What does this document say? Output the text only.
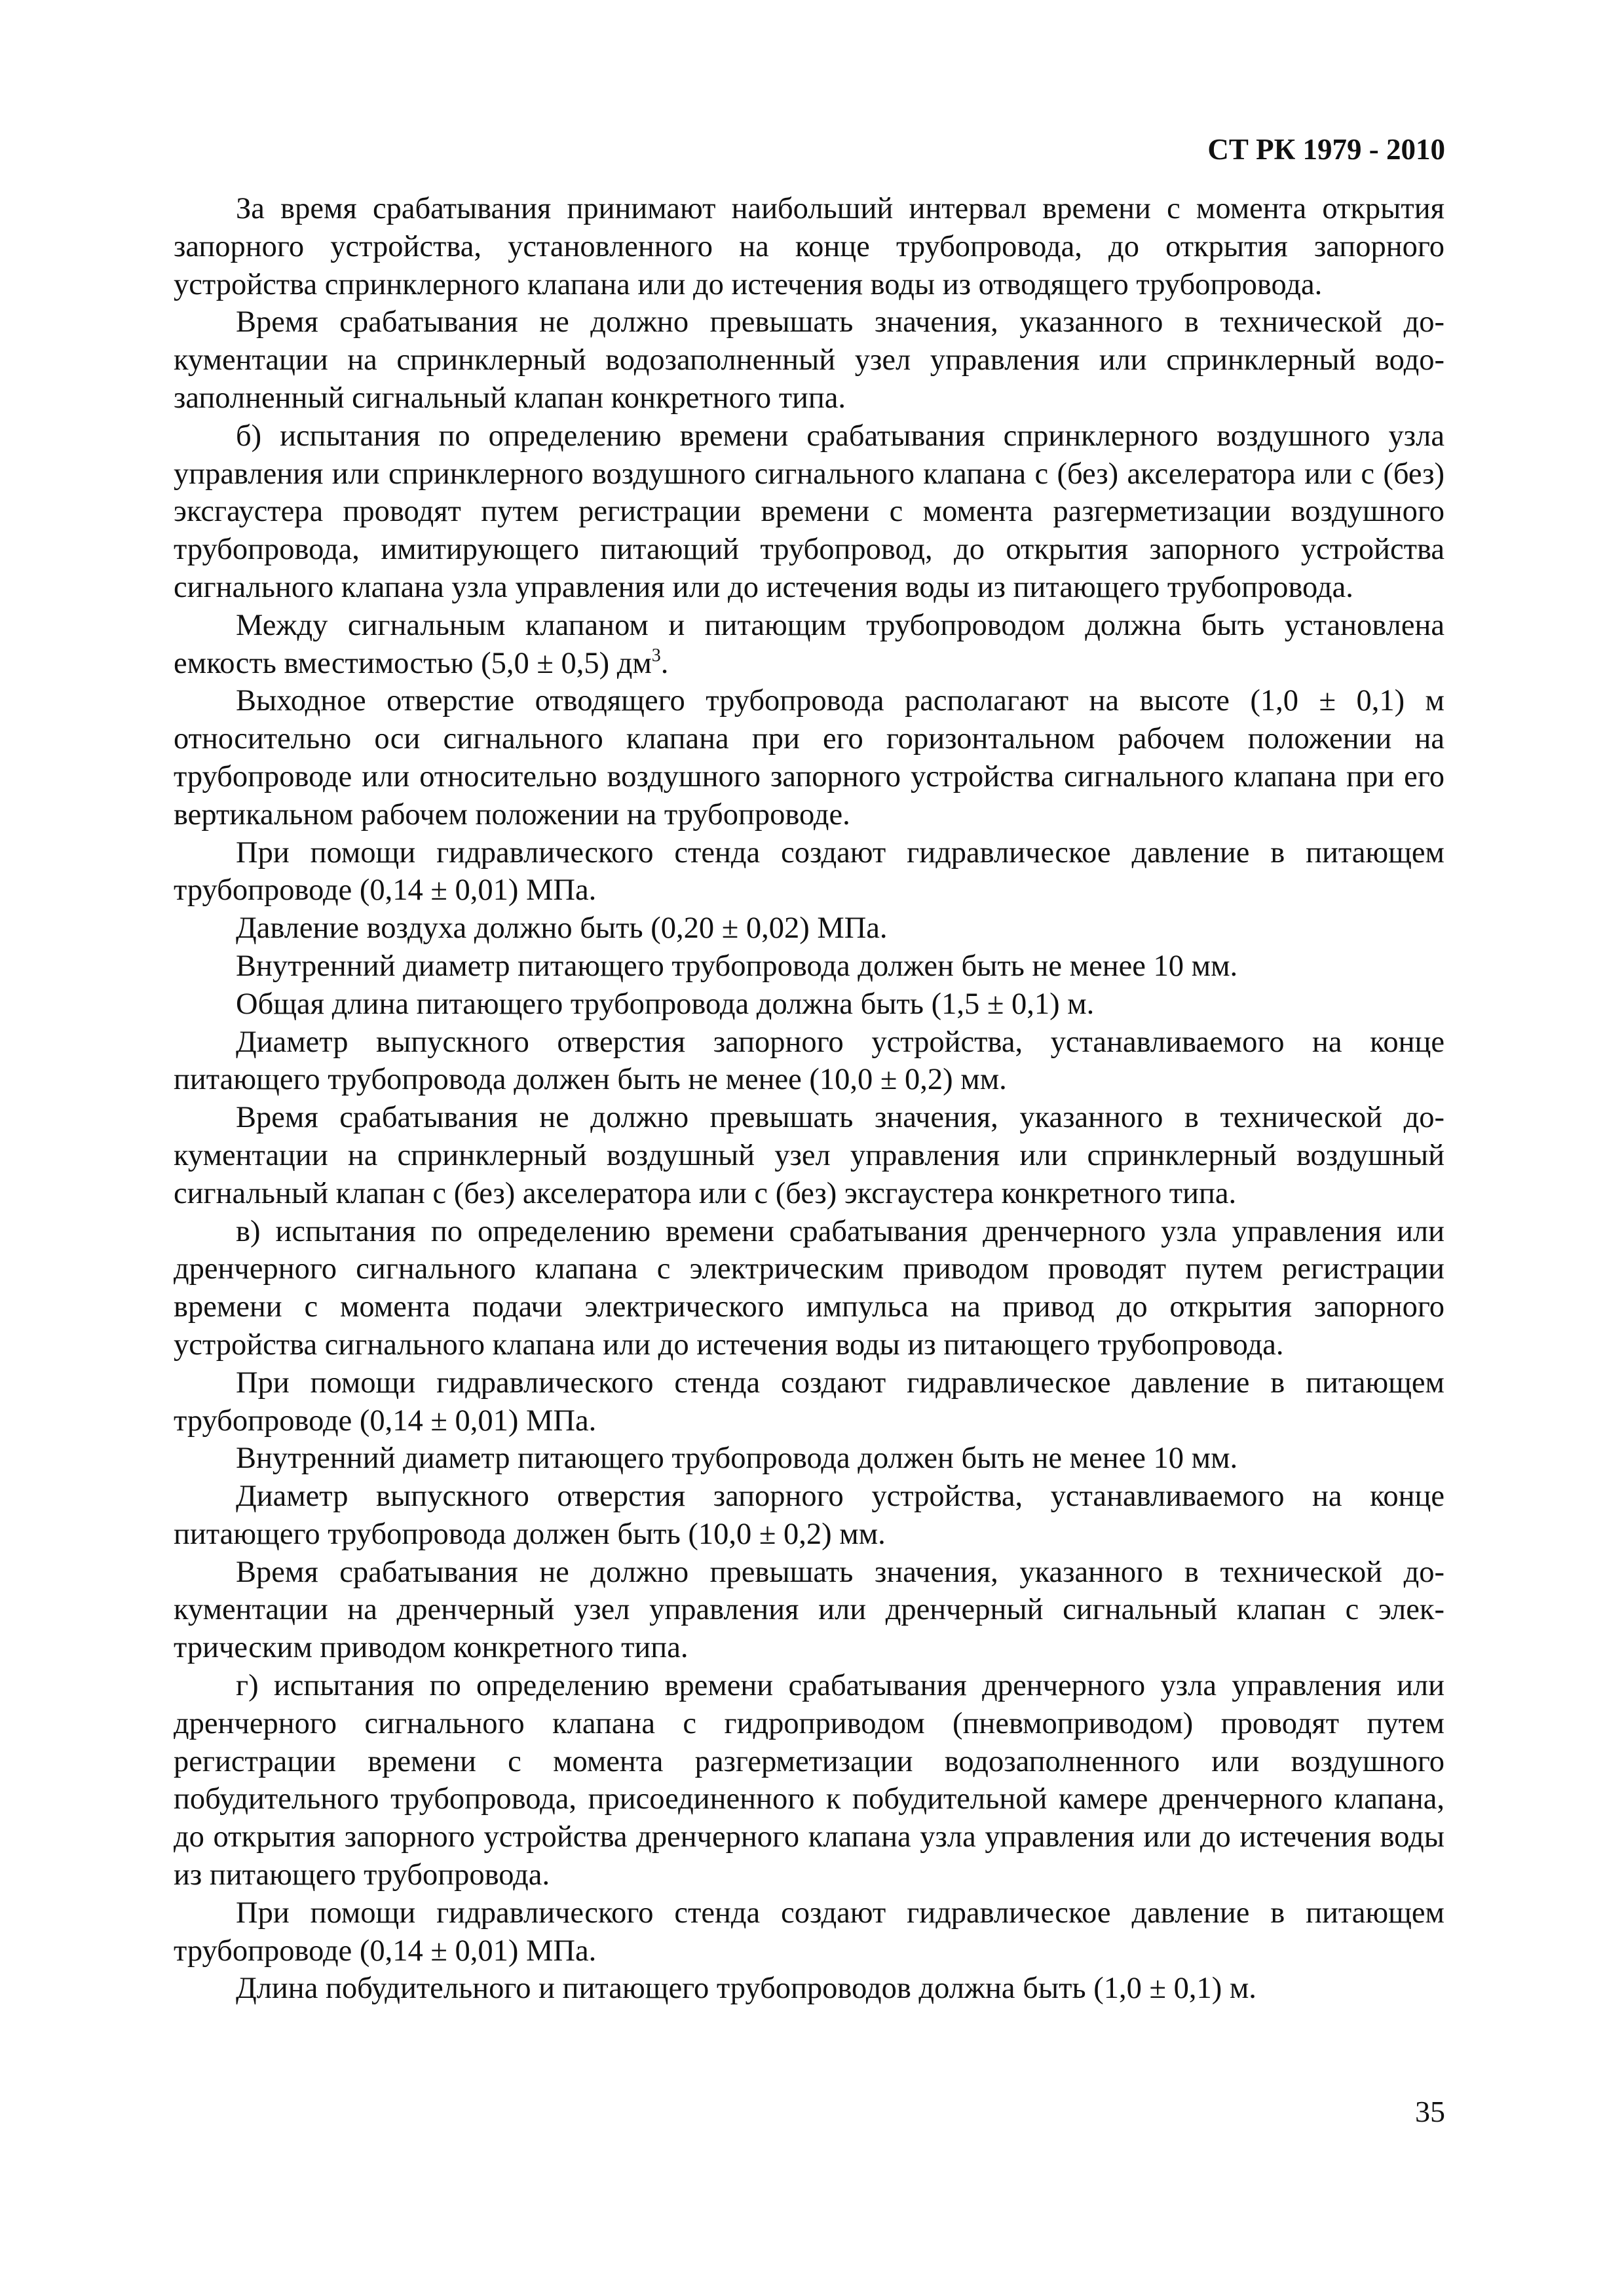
СТ РК 1979 - 2010

За время срабатывания принимают наибольший интервал времени с момента открытия запорного устройства, установленного на конце трубопровода, до открытия запорного устройства спринклерного клапана или до истечения воды из отводящего трубопровода.

Время срабатывания не должно превышать значения, указанного в технической документации на спринклерный водозаполненный узел управления или спринклерный водозаполненный сигнальный клапан конкретного типа.

б) испытания по определению времени срабатывания спринклерного воздушного узла управления или спринклерного воздушного сигнального клапана с (без) акселератора или с (без) эксгаустера проводят путем регистрации времени с момента разгерметизации воздушного трубопровода, имитирующего питающий трубопровод, до открытия запорного устройства сигнального клапана узла управления или до истечения воды из питающего трубопровода.

Между сигнальным клапаном и питающим трубопроводом должна быть установлена емкость вместимостью (5,0 ± 0,5) $дм^3$.

Выходное отверстие отводящего трубопровода располагают на высоте (1,0 ± 0,1) м относительно оси сигнального клапана при его горизонтальном рабочем положении на трубопроводе или относительно воздушного запорного устройства сигнального клапана при его вертикальном рабочем положении на трубопроводе.

При помощи гидравлического стенда создают гидравлическое давление в питающем трубопроводе (0,14 ± 0,01) МПа.

Давление воздуха должно быть (0,20 ± 0,02) МПа.

Внутренний диаметр питающего трубопровода должен быть не менее 10 мм.

Общая длина питающего трубопровода должна быть (1,5 ± 0,1) м.

Диаметр выпускного отверстия запорного устройства, устанавливаемого на конце питающего трубопровода должен быть не менее (10,0 ± 0,2) мм.

Время срабатывания не должно превышать значения, указанного в технической документации на спринклерный воздушный узел управления или спринклерный воздушный сигнальный клапан с (без) акселератора или с (без) эксгаустера конкретного типа.

в) испытания по определению времени срабатывания дренчерного узла управления или дренчерного сигнального клапана с электрическим приводом проводят путем регистрации времени с момента подачи электрического импульса на привод до открытия запорного устройства сигнального клапана или до истечения воды из питающего трубопровода.

При помощи гидравлического стенда создают гидравлическое давление в питающем трубопроводе (0,14 ± 0,01) МПа.

Внутренний диаметр питающего трубопровода должен быть не менее 10 мм.

Диаметр выпускного отверстия запорного устройства, устанавливаемого на конце питающего трубопровода должен быть (10,0 ± 0,2) мм.

Время срабатывания не должно превышать значения, указанного в технической документации на дренчерный узел управления или дренчерный сигнальный клапан с электрическим приводом конкретного типа.

г) испытания по определению времени срабатывания дренчерного узла управления или дренчерного сигнального клапана с гидроприводом (пневмоприводом) проводят путем регистрации времени с момента разгерметизации водозаполненного или воздушного побудительного трубопровода, присоединенного к побудительной камере дренчерного клапана, до открытия запорного устройства дренчерного клапана узла управления или до истечения воды из питающего трубопровода.

При помощи гидравлического стенда создают гидравлическое давление в питающем трубопроводе (0,14 ± 0,01) МПа.

Длина побудительного и питающего трубопроводов должна быть (1,0 ± 0,1) м.

35
